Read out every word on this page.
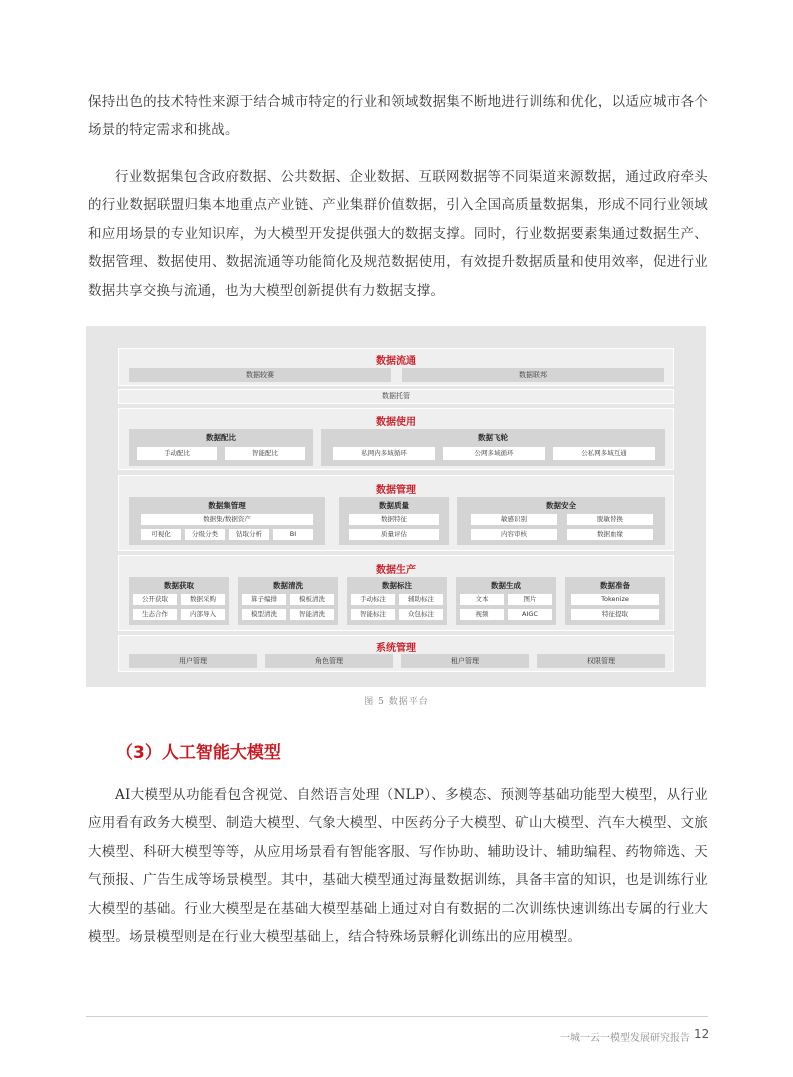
保持出色的技术特性来源于结合城市特定的行业和领域数据集不断地进行训练和优化，以适应城市各个场景的特定需求和挑战。

行业数据集包含政府数据、公共数据、企业数据、互联网数据等不同渠道来源数据，通过政府牵头的行业数据联盟归集本地重点产业链、产业集群价值数据，引入全国高质量数据集，形成不同行业领域和应用场景的专业知识库，为大模型开发提供强大的数据支撑。同时，行业数据要素集通过数据生产、数据管理、数据使用、数据流通等功能简化及规范数据使用，有效提升数据质量和使用效率，促进行业数据共享交换与流通，也为大模型创新提供有力数据支撑。

数据流通
数据较赛	数据联邦
数据托管
数据使用
数据配比
手动配比	智能配比
数据飞轮
私网内多域循环	公网多域循环	公私网多域互通
数据管理
数据集管理
数据集/数据资产
可视化	分级分类	钻取分析	BI
数据质量
数据特征
质量评估
数据安全
敏感识别	脱敏替换
内容审核	数据血缘
数据生产
数据获取
公开获取	数据采购
生态合作	内部导入
数据清洗
算子编排	模板清洗
模型清洗	智能清洗
数据标注
手动标注	辅助标注
智能标注	众包标注
数据生成
文本	图片
视频	AIGC
数据准备
Tokenize
特征提取
系统管理
用户管理	角色管理	租户管理	权限管理
图 5 数据平台
（3）人工智能大模型

AI大模型从功能看包含视觉、自然语言处理（NLP）、多模态、预测等基础功能型大模型，从行业应用看有政务大模型、制造大模型、气象大模型、中医药分子大模型、矿山大模型、汽车大模型、文旅大模型、科研大模型等等，从应用场景看有智能客服、写作协助、辅助设计、辅助编程、药物筛选、天气预报、广告生成等场景模型。其中，基础大模型通过海量数据训练，具备丰富的知识，也是训练行业大模型的基础。行业大模型是在基础大模型基础上通过对自有数据的二次训练快速训练出专属的行业大模型。场景模型则是在行业大模型基础上，结合特殊场景孵化训练出的应用模型。

一城一云一模型发展研究报告 12
